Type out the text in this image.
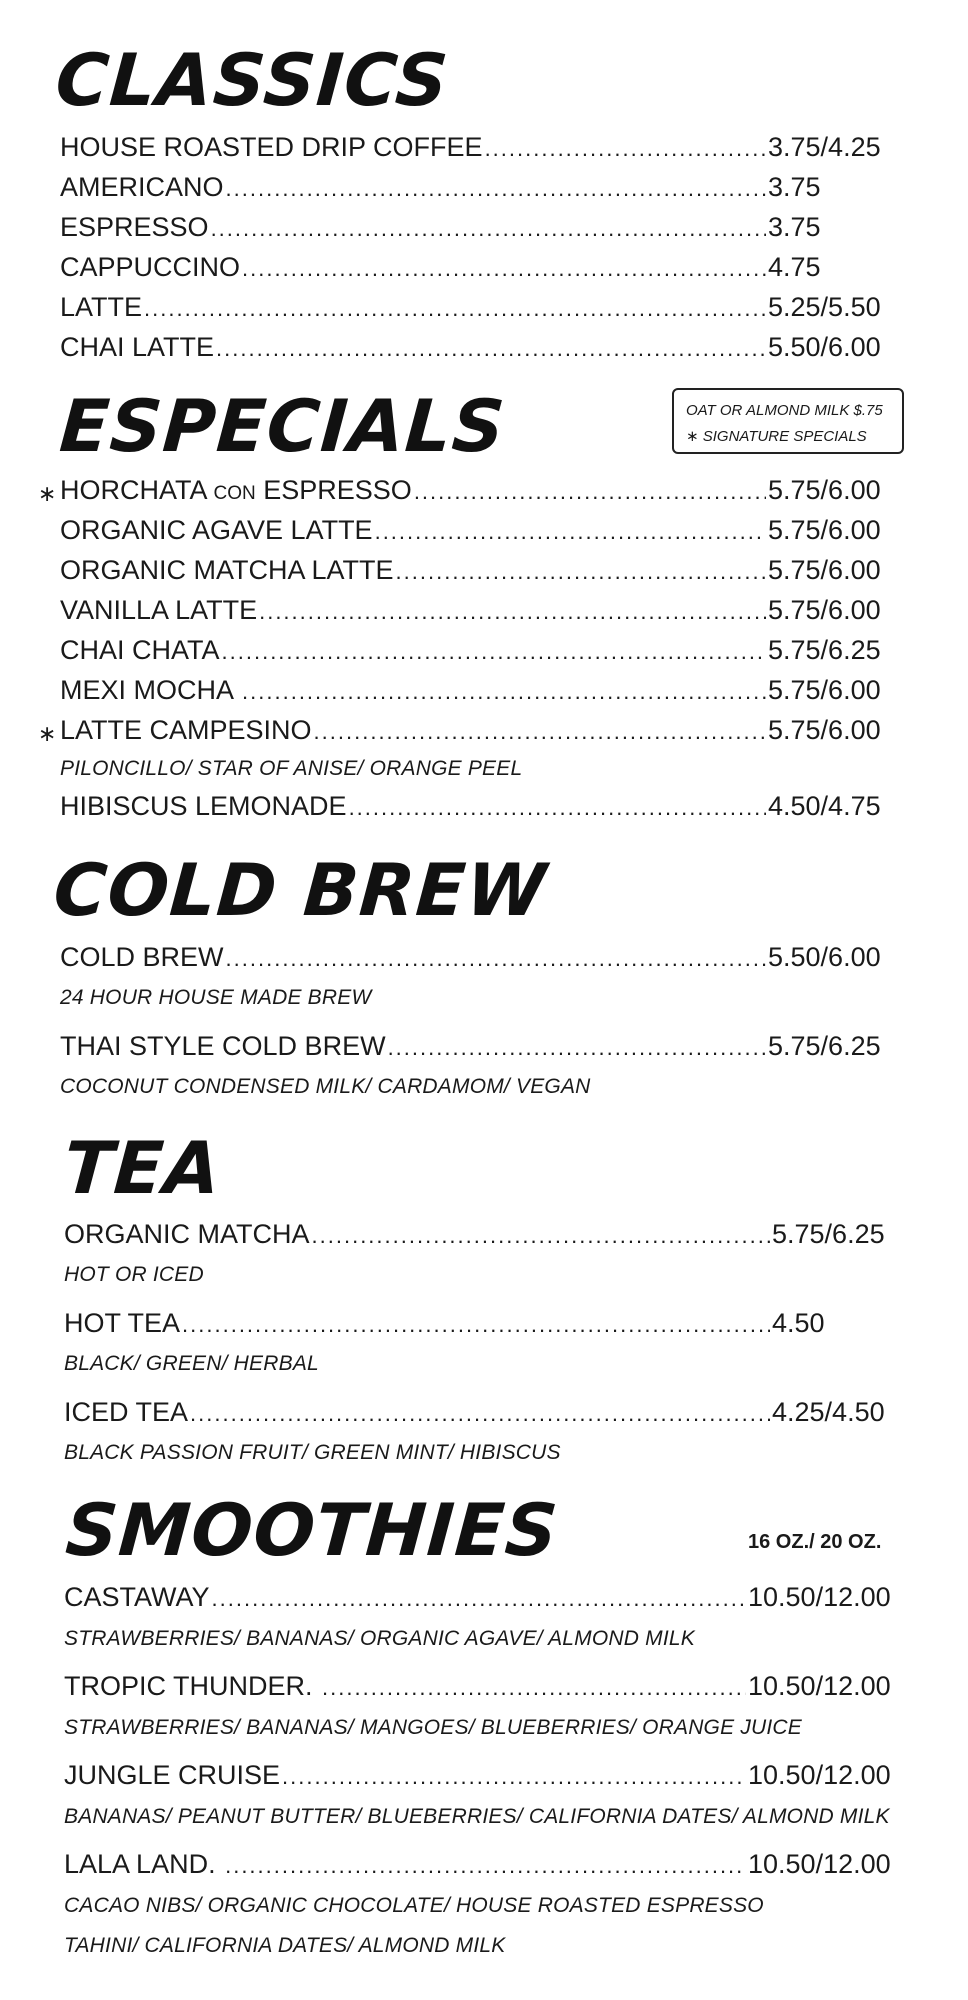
CLASSICS
HOUSE ROASTED DRIP COFFEE .....	3.75/4.25
AMERICANO .....	3.75
ESPRESSO .....	3.75
CAPPUCCINO .....	4.75
LATTE .....	5.25/5.50
CHAI LATTE .....	5.50/6.00
ESPECIALS	OAT OR ALMOND MILK $.75
∗ SIGNATURE SPECIALS
∗ HORCHATA CON ESPRESSO .....	5.75/6.00
ORGANIC AGAVE LATTE .....	5.75/6.00
ORGANIC MATCHA LATTE .....	5.75/6.00
VANILLA LATTE .....	5.75/6.00
CHAI CHATA .....	5.75/6.25
MEXI MOCHA .....	5.75/6.00
∗ LATTE CAMPESINO .....	5.75/6.00
PILONCILLO/ STAR OF ANISE/ ORANGE PEEL
HIBISCUS LEMONADE .....	4.50/4.75
COLD BREW
COLD BREW .....	5.50/6.00
24 HOUR HOUSE MADE BREW
THAI STYLE COLD BREW .....	5.75/6.25
COCONUT CONDENSED MILK/ CARDAMOM/ VEGAN
TEA
ORGANIC MATCHA .....	5.75/6.25
HOT OR ICED
HOT TEA .....	4.50
BLACK/ GREEN/ HERBAL
ICED TEA .....	4.25/4.50
BLACK PASSION FRUIT/ GREEN MINT/ HIBISCUS
SMOOTHIES	16 OZ./ 20 OZ.
CASTAWAY .....	10.50/12.00
STRAWBERRIES/ BANANAS/ ORGANIC AGAVE/ ALMOND MILK
TROPIC THUNDER. .....	10.50/12.00
STRAWBERRIES/ BANANAS/ MANGOES/ BLUEBERRIES/ ORANGE JUICE
JUNGLE CRUISE .....	10.50/12.00
BANANAS/ PEANUT BUTTER/ BLUEBERRIES/ CALIFORNIA DATES/ ALMOND MILK
LALA LAND. .....	10.50/12.00
CACAO NIBS/ ORGANIC CHOCOLATE/ HOUSE ROASTED ESPRESSO
TAHINI/ CALIFORNIA DATES/ ALMOND MILK
